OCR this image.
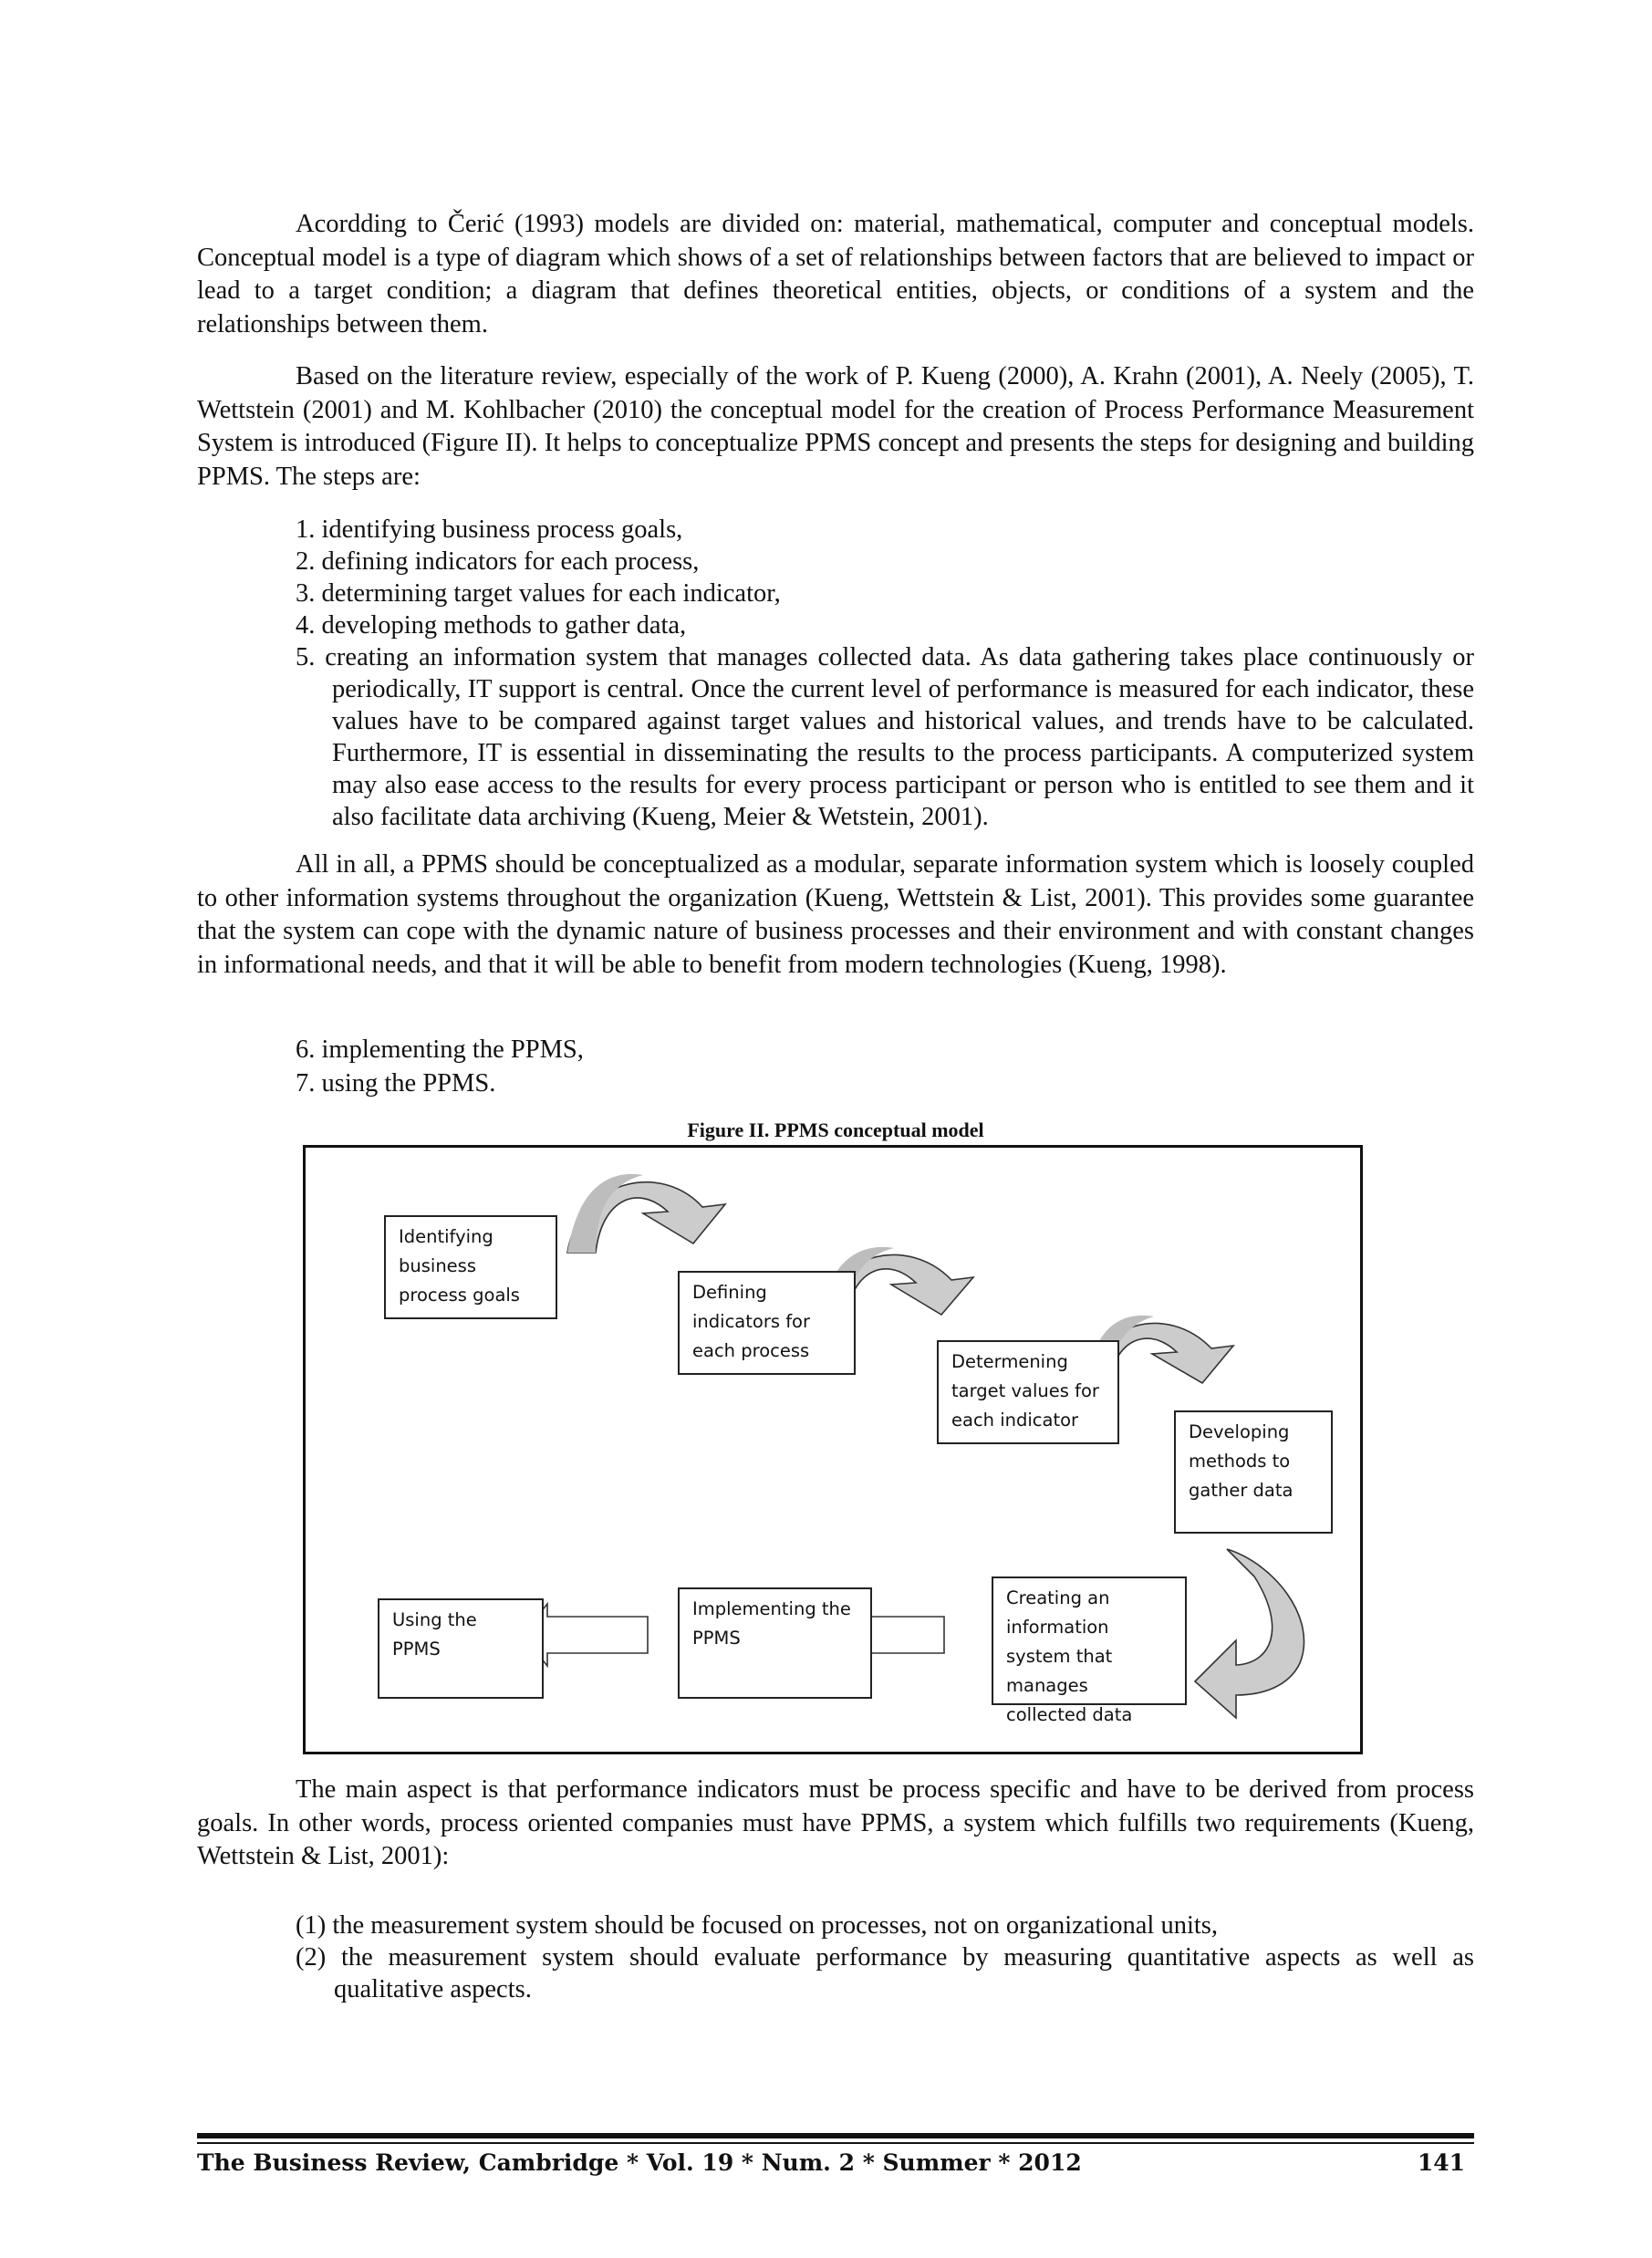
Acordding to Čerić (1993) models are divided on: material, mathematical, computer and conceptual models. Conceptual model is a type of diagram which shows of a set of relationships between factors that are believed to impact or lead to a target condition; a diagram that defines theoretical entities, objects, or conditions of a system and the relationships between them.

Based on the literature review, especially of the work of P. Kueng (2000), A. Krahn (2001), A. Neely (2005), T. Wettstein (2001) and M. Kohlbacher (2010) the conceptual model for the creation of Process Performance Measurement System is introduced (Figure II). It helps to conceptualize PPMS concept and presents the steps for designing and building PPMS. The steps are:

1. identifying business process goals,
2. defining indicators for each process,
3. determining target values for each indicator,
4. developing methods to gather data,
5. creating an information system that manages collected data. As data gathering takes place continuously or periodically, IT support is central. Once the current level of performance is measured for each indicator, these values have to be compared against target values and historical values, and trends have to be calculated. Furthermore, IT is essential in disseminating the results to the process participants. A computerized system may also ease access to the results for every process participant or person who is entitled to see them and it also facilitate data archiving (Kueng, Meier & Wetstein, 2001).

All in all, a PPMS should be conceptualized as a modular, separate information system which is loosely coupled to other information systems throughout the organization (Kueng, Wettstein & List, 2001). This provides some guarantee that the system can cope with the dynamic nature of business processes and their environment and with constant changes in informational needs, and that it will be able to benefit from modern technologies (Kueng, 1998).

6. implementing the PPMS,
7. using the PPMS.
Figure II. PPMS conceptual model
Identifying business process goals	Defining indicators for each process
Determening target values for each indicator
Developing methods to gather data
Creating an information system that manages collected data
Implementing the PPMS
Using the PPMS

The main aspect is that performance indicators must be process specific and have to be derived from process goals. In other words, process oriented companies must have PPMS, a system which fulfills two requirements (Kueng, Wettstein & List, 2001):

(1) the measurement system should be focused on processes, not on organizational units,
(2) the measurement system should evaluate performance by measuring quantitative aspects as well as qualitative aspects.
The Business Review, Cambridge * Vol. 19 * Num. 2 * Summer * 2012	141
